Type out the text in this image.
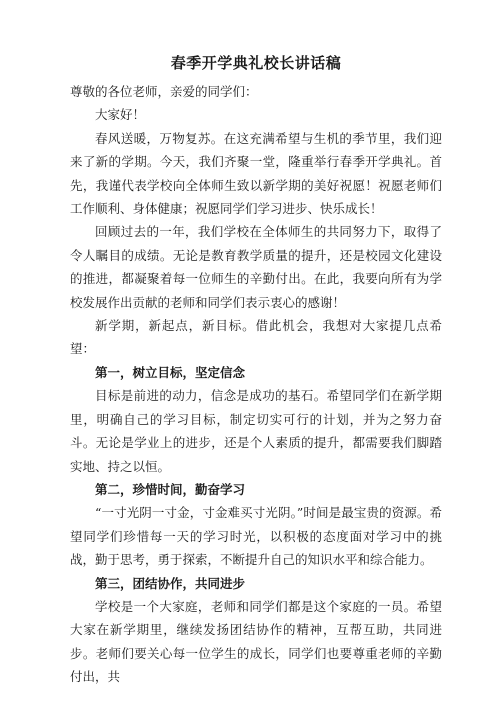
春季开学典礼校长讲话稿

尊敬的各位老师，亲爱的同学们：

大家好！

春风送暖，万物复苏。在这充满希望与生机的季节里，我们迎来了新的学期。今天，我们齐聚一堂，隆重举行春季开学典礼。首先，我谨代表学校向全体师生致以新学期的美好祝愿！祝愿老师们工作顺利、身体健康；祝愿同学们学习进步、快乐成长！

回顾过去的一年，我们学校在全体师生的共同努力下，取得了令人瞩目的成绩。无论是教育教学质量的提升，还是校园文化建设的推进，都凝聚着每一位师生的辛勤付出。在此，我要向所有为学校发展作出贡献的老师和同学们表示衷心的感谢！

新学期，新起点，新目标。借此机会，我想对大家提几点希望：

第一，树立目标，坚定信念

目标是前进的动力，信念是成功的基石。希望同学们在新学期里，明确自己的学习目标，制定切实可行的计划，并为之努力奋斗。无论是学业上的进步，还是个人素质的提升，都需要我们脚踏实地、持之以恒。

第二，珍惜时间，勤奋学习

“一寸光阴一寸金，寸金难买寸光阴。”时间是最宝贵的资源。希望同学们珍惜每一天的学习时光，以积极的态度面对学习中的挑战，勤于思考，勇于探索，不断提升自己的知识水平和综合能力。

第三，团结协作，共同进步

学校是一个大家庭，老师和同学们都是这个家庭的一员。希望大家在新学期里，继续发扬团结协作的精神，互帮互助，共同进步。老师们要关心每一位学生的成长，同学们也要尊重老师的辛勤付出，共
